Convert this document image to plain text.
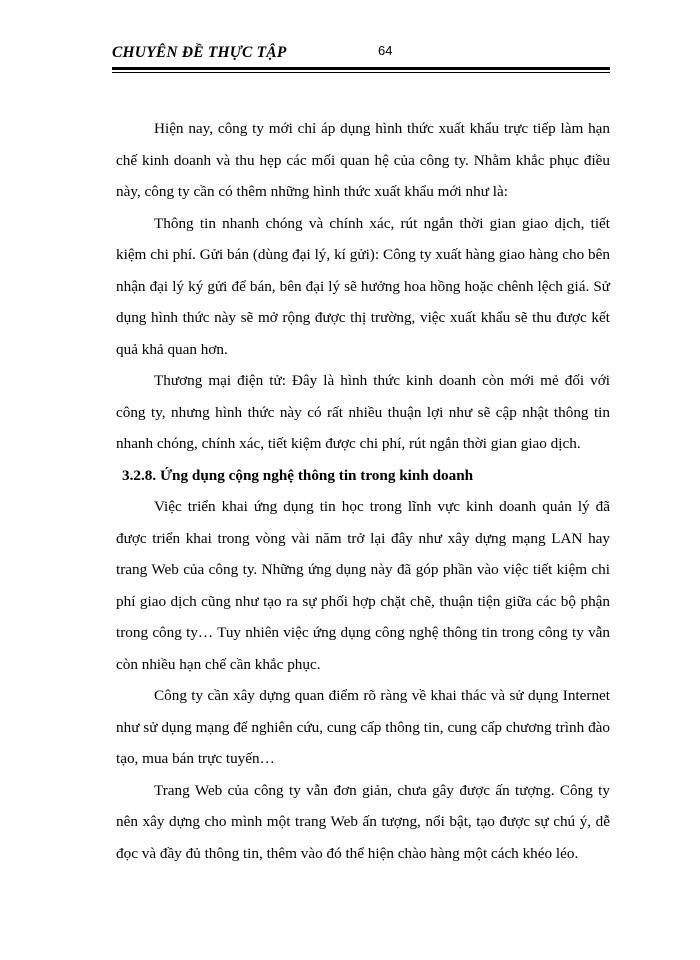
CHUYÊN ĐỀ THỰC TẬP	64

Hiện nay, công ty mới chỉ áp dụng hình thức xuất khẩu trực tiếp làm hạn chế kinh doanh và thu hẹp các mối quan hệ của công ty. Nhằm khắc phục điều này, công ty cần có thêm những hình thức xuất khẩu mới như là:

Thông tin nhanh chóng và chính xác, rút ngắn thời gian giao dịch, tiết kiệm chi phí. Gửi bán (dùng đại lý, kí gửi): Công ty xuất hàng giao hàng cho bên nhận đại lý ký gửi để bán, bên đại lý sẽ hưởng hoa hồng hoặc chênh lệch giá. Sử dụng hình thức này sẽ mở rộng được thị trường, việc xuất khẩu sẽ thu được kết quả khả quan hơn.

Thương mại điện tử: Đây là hình thức kinh doanh còn mới mẻ đối với công ty, nhưng hình thức này có rất nhiều thuận lợi như sẽ cập nhật thông tin nhanh chóng, chính xác, tiết kiệm được chi phí, rút ngắn thời gian giao dịch.

3.2.8. Ứng dụng cộng nghệ thông tin trong kinh doanh

Việc triển khai ứng dụng tin học trong lĩnh vực kinh doanh quản lý đã được triển khai trong vòng vài năm trở lại đây như xây dựng mạng LAN hay trang Web của công ty. Những ứng dụng này đã góp phần vào việc tiết kiệm chi phí giao dịch cũng như tạo ra sự phối hợp chặt chẽ, thuận tiện giữa các bộ phận trong công ty… Tuy nhiên việc ứng dụng công nghệ thông tin trong công ty vẫn còn nhiều hạn chế cần khắc phục.

Công ty cần xây dựng quan điểm rõ ràng về khai thác và sử dụng Internet như sử dụng mạng để nghiên cứu, cung cấp thông tin, cung cấp chương trình đào tạo, mua bán trực tuyến…

Trang Web của công ty vẫn đơn giản, chưa gây được ấn tượng. Công ty nên xây dựng cho mình một trang Web ấn tượng, nổi bật, tạo được sự chú ý, dễ đọc và đầy đủ thông tin, thêm vào đó thể hiện chào hàng một cách khéo léo.
